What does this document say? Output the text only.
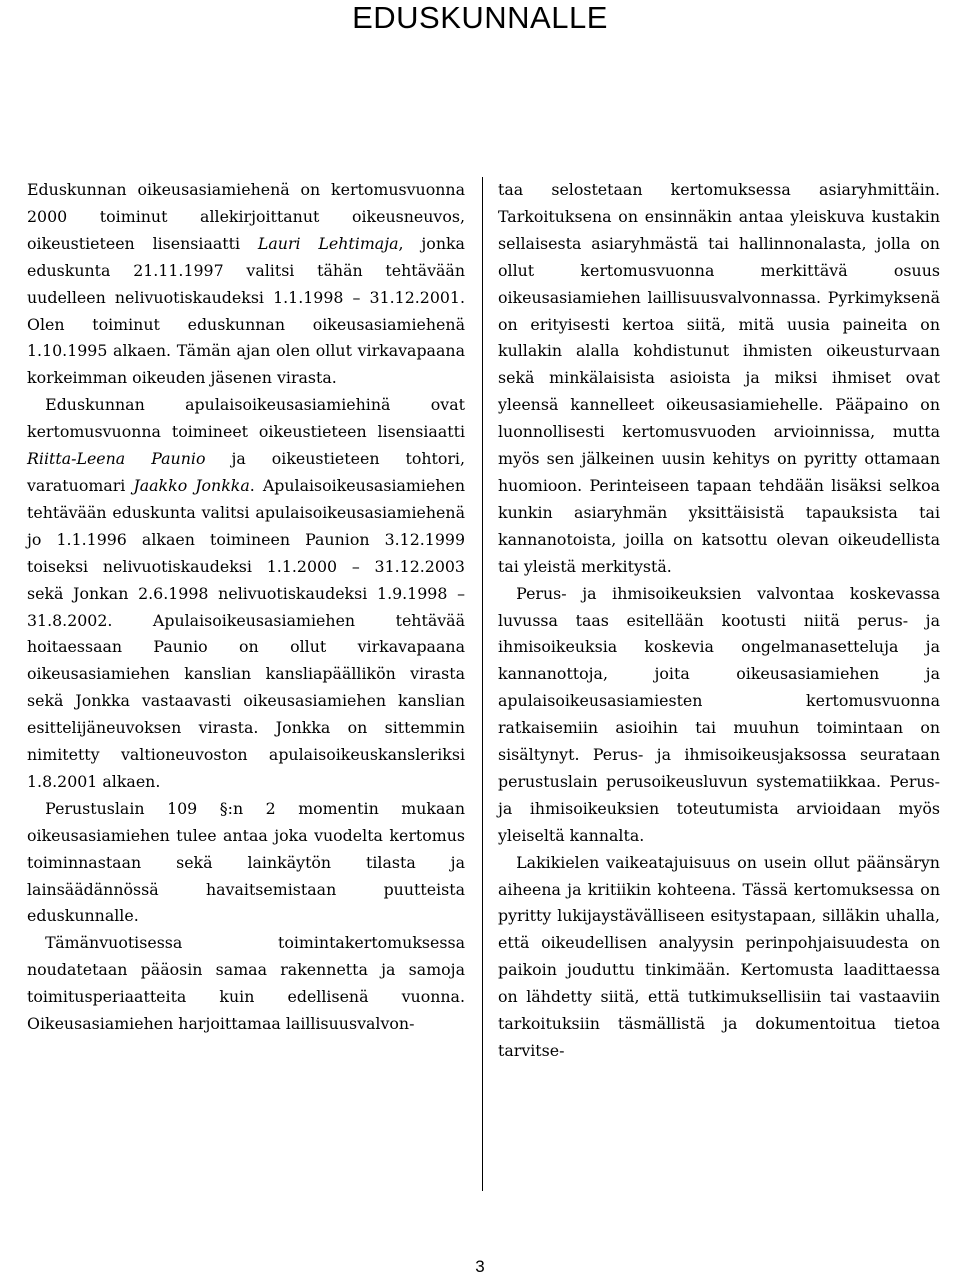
EDUSKUNNALLE

Eduskunnan oikeusasiamiehenä on kertomusvuonna 2000 toiminut allekirjoittanut oikeusneuvos, oikeustieteen lisensiaatti Lauri Lehtimaja, jonka eduskunta 21.11.1997 valitsi tähän tehtävään uudelleen nelivuotiskaudeksi 1.1.1998 – 31.12.2001. Olen toiminut eduskunnan oikeusasiamiehenä 1.10.1995 alkaen. Tämän ajan olen ollut virkavapaana korkeimman oikeuden jäsenen virasta.

Eduskunnan apulaisoikeusasiamiehinä ovat kertomusvuonna toimineet oikeustieteen lisensiaatti Riitta-Leena Paunio ja oikeustieteen tohtori, varatuomari Jaakko Jonkka. Apulaisoikeusasiamiehen tehtävään eduskunta valitsi apulaisoikeusasiamiehenä jo 1.1.1996 alkaen toimineen Paunion 3.12.1999 toiseksi nelivuotiskaudeksi 1.1.2000 – 31.12.2003 sekä Jonkan 2.6.1998 nelivuotiskaudeksi 1.9.1998 – 31.8.2002. Apulaisoikeusasiamiehen tehtävää hoitaessaan Paunio on ollut virkavapaana oikeusasiamiehen kanslian kansliapäällikön virasta sekä Jonkka vastaavasti oikeusasiamiehen kanslian esittelijäneuvoksen virasta. Jonkka on sittemmin nimitetty valtioneuvoston apulaisoikeuskansleriksi 1.8.2001 alkaen.

Perustuslain 109 §:n 2 momentin mukaan oikeusasiamiehen tulee antaa joka vuodelta kertomus toiminnastaan sekä lainkäytön tilasta ja lainsäädännössä havaitsemistaan puutteista eduskunnalle.

Tämänvuotisessa toimintakertomuksessa noudatetaan pääosin samaa rakennetta ja samoja toimitusperiaatteita kuin edellisenä vuonna. Oikeusasiamiehen harjoittamaa laillisuusvalvon-

taa selostetaan kertomuksessa asiaryhmittäin. Tarkoituksena on ensinnäkin antaa yleiskuva kustakin sellaisesta asiaryhmästä tai hallinnonalasta, jolla on ollut kertomusvuonna merkittävä osuus oikeusasiamiehen laillisuusvalvonnassa. Pyrkimyksenä on erityisesti kertoa siitä, mitä uusia paineita on kullakin alalla kohdistunut ihmisten oikeusturvaan sekä minkälaisista asioista ja miksi ihmiset ovat yleensä kannelleet oikeusasiamiehelle. Pääpaino on luonnollisesti kertomusvuoden arvioinnissa, mutta myös sen jälkeinen uusin kehitys on pyritty ottamaan huomioon. Perinteiseen tapaan tehdään lisäksi selkoa kunkin asiaryhmän yksittäisistä tapauksista tai kannanotoista, joilla on katsottu olevan oikeudellista tai yleistä merkitystä.

Perus- ja ihmisoikeuksien valvontaa koskevassa luvussa taas esitellään kootusti niitä perus- ja ihmisoikeuksia koskevia ongelmanasetteluja ja kannanottoja, joita oikeusasiamiehen ja apulaisoikeusasiamiesten kertomusvuonna ratkaisemiin asioihin tai muuhun toimintaan on sisältynyt. Perus- ja ihmisoikeusjaksossa seurataan perustuslain perusoikeusluvun systematiikkaa. Perus- ja ihmisoikeuksien toteutumista arvioidaan myös yleiseltä kannalta.

Lakikielen vaikeatajuisuus on usein ollut päänsäryn aiheena ja kritiikin kohteena. Tässä kertomuksessa on pyritty lukijaystävälliseen esitystapaan, silläkin uhalla, että oikeudellisen analyysin perinpohjaisuudesta on paikoin jouduttu tinkimään. Kertomusta laadittaessa on lähdetty siitä, että tutkimuksellisiin tai vastaaviin tarkoituksiin täsmällistä ja dokumentoitua tietoa tarvitse-

3
